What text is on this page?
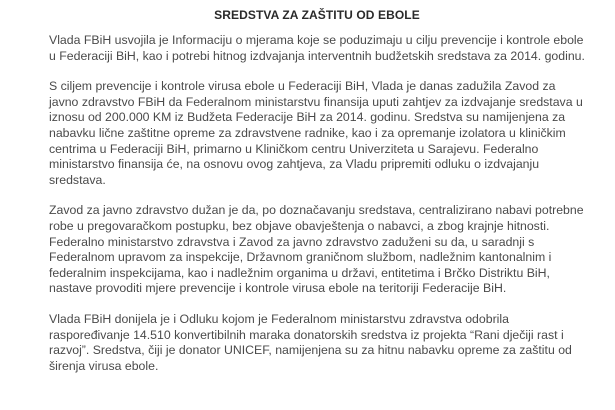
SREDSTVA ZA ZAŠTITU OD EBOLE

Vlada FBiH usvojila je Informaciju o mjerama koje se poduzimaju u cilju prevencije i kontrole ebole u Federaciji BiH, kao i potrebi hitnog izdvajanja interventnih budžetskih sredstava za 2014. godinu.

S ciljem prevencije i kontrole virusa ebole u Federaciji BiH, Vlada je danas zadužila Zavod za javno zdravstvo FBiH da Federalnom ministarstvu finansija uputi zahtjev za izdvajanje sredstava u iznosu od 200.000 KM iz Budžeta Federacije BiH za 2014. godinu. Sredstva su namijenjena za nabavku lične zaštitne opreme za zdravstvene radnike, kao i za opremanje izolatora u kliničkim centrima u Federaciji BiH, primarno u Kliničkom centru Univerziteta u Sarajevu. Federalno ministarstvo finansija će, na osnovu ovog zahtjeva, za Vladu pripremiti odluku o izdvajanju sredstava.

Zavod za javno zdravstvo dužan je da, po doznačavanju sredstava, centralizirano nabavi potrebne robe u pregovaračkom postupku, bez objave obavještenja o nabavci, a zbog krajnje hitnosti. Federalno ministarstvo zdravstva i Zavod za javno zdravstvo zaduženi su da, u saradnji s Federalnom upravom za inspekcije, Državnom graničnom službom, nadležnim kantonalnim i federalnim inspekcijama, kao i nadležnim organima u državi, entitetima i Brčko Distriktu BiH, nastave provoditi mjere prevencije i kontrole virusa ebole na teritoriji Federacije BiH.

Vlada FBiH donijela je i Odluku kojom je Federalnom ministarstvu zdravstva odobrila raspoređivanje 14.510 konvertibilnih maraka donatorskih sredstva iz projekta “Rani dječiji rast i razvoj”. Sredstva, čiji je donator UNICEF, namijenjena su za hitnu nabavku opreme za zaštitu od širenja virusa ebole.
